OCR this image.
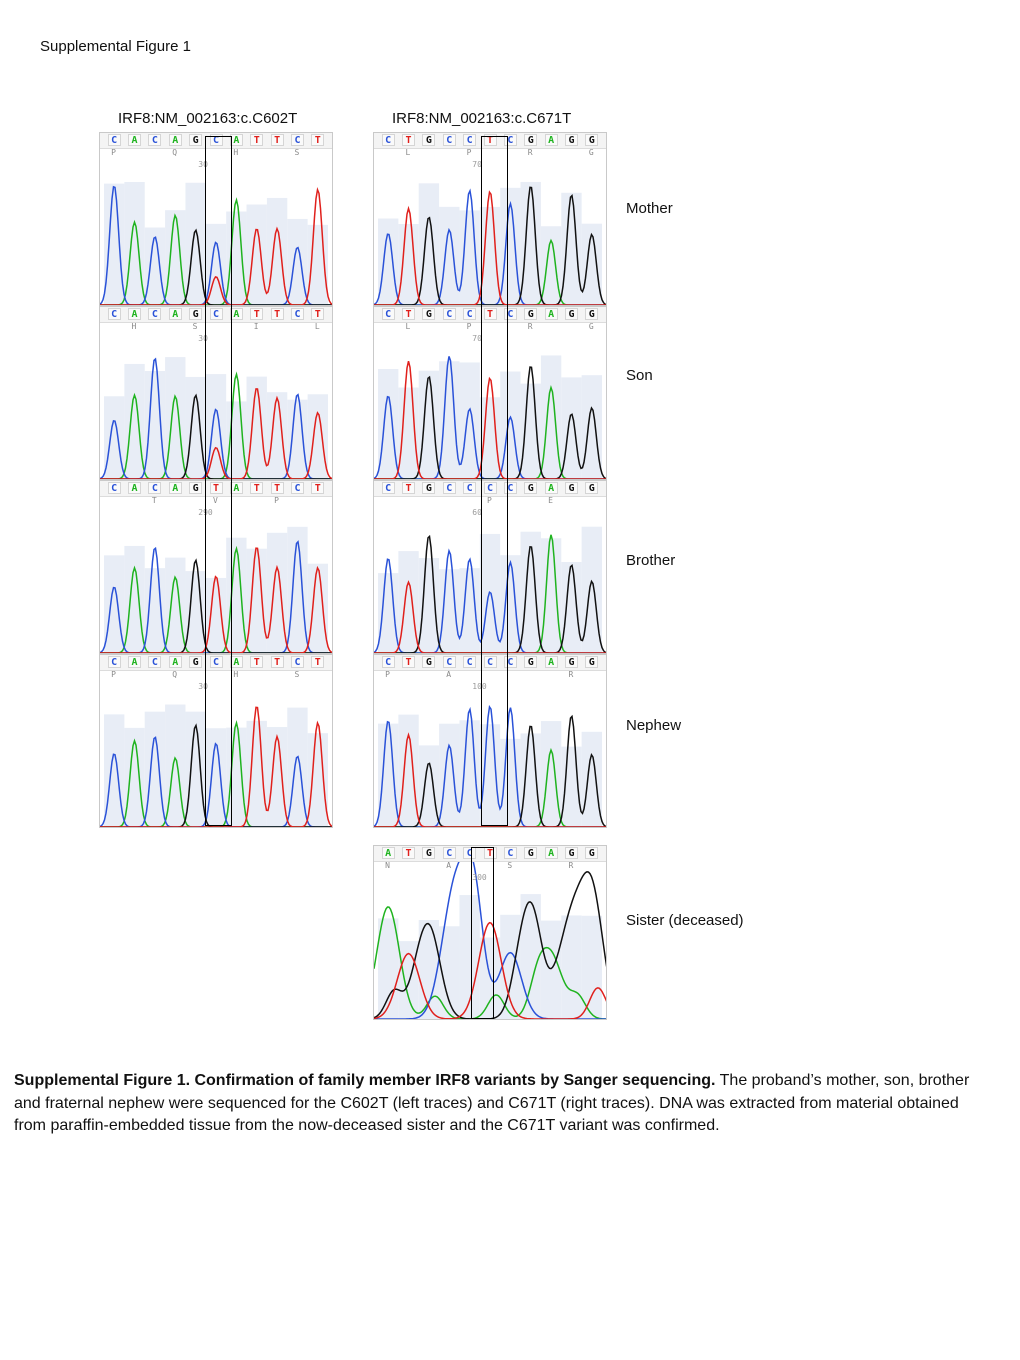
Supplemental Figure 1
IRF8:NM_002163:c.C602T	IRF8:NM_002163:c.C671T
C	A	C	A	G	C	A	T	T	C	T
P	Q	H	S
30
C	T	G	C	C	T	C	G	A	G	G
L	P	R	G
70
Mother
C	A	C	A	G	C	A	T	T	C	T
H	S	I	L
30
C	T	G	C	C	T	C	G	A	G	G
L	P	R	G
70
Son
C	A	C	A	G	T	A	T	T	C	T
T	V	P
290
C	T	G	C	C	C	C	G	A	G	G
P	E
60
Brother
C	A	C	A	G	C	A	T	T	C	T
P	Q	H	S
30
C	T	G	C	C	C	C	G	A	G	G
P	A	R
100
Nephew
A	T	G	C	C	T	C	G	A	G	G
N	A	S	R
300
Sister (deceased)
Supplemental Figure 1. Confirmation of family member IRF8 variants by Sanger sequencing. The proband’s mother, son, brother and fraternal nephew were sequenced for the C602T (left traces) and C671T (right traces). DNA was extracted from material obtained from paraffin-embedded tissue from the now-deceased sister and the C671T variant was confirmed.
